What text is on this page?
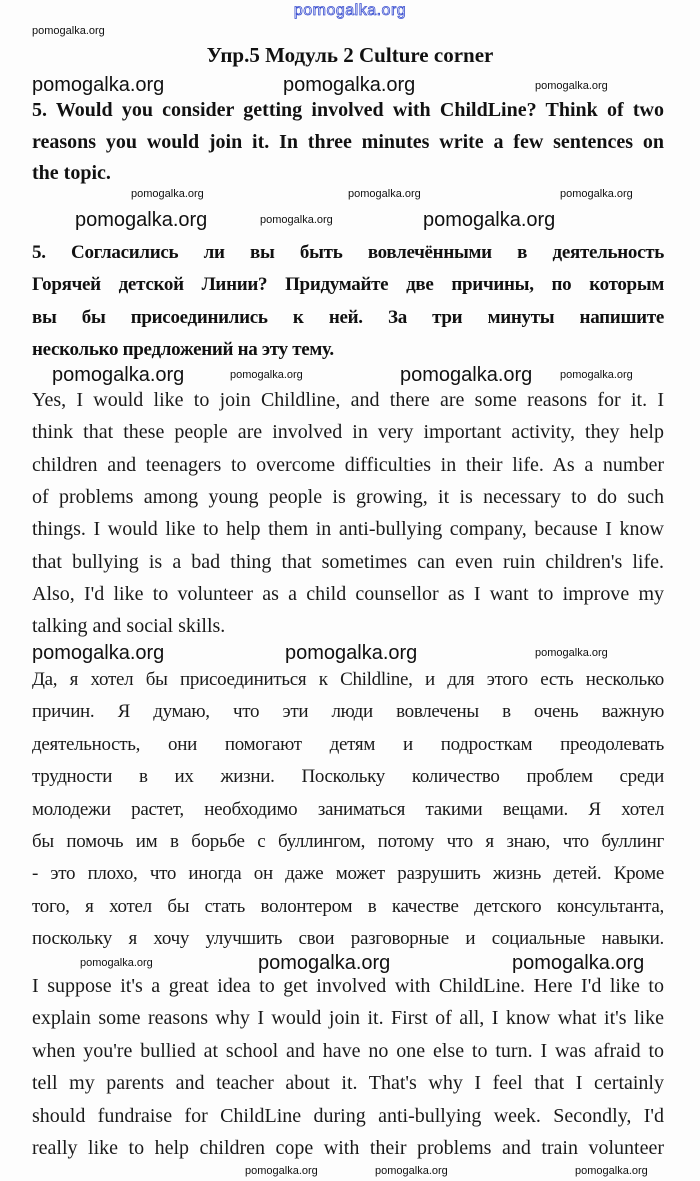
pomogalka.org
Упр.5 Модуль 2 Culture corner
5. Would you consider getting involved with ChildLine? Think of two
reasons you would join it. In three minutes write a few sentences on
the topic.
5. Согласились ли вы быть вовлечёнными в деятельность
Горячей детской Линии? Придумайте две причины, по которым
вы бы присоединились к ней. За три минуты напишите
несколько предложений на эту тему.
Yes, I would like to join Childline, and there are some reasons for it. I
think that these people are involved in very important activity, they help
children and teenagers to overcome difficulties in their life. As a number
of problems among young people is growing, it is necessary to do such
things. I would like to help them in anti-bullying company, because I know
that bullying is a bad thing that sometimes can even ruin children's life.
Also, I'd like to volunteer as a child counsellor as I want to improve my
talking and social skills.
Да, я хотел бы присоединиться к Childline, и для этого есть несколько
причин. Я думаю, что эти люди вовлечены в очень важную
деятельность, они помогают детям и подросткам преодолевать
трудности в их жизни. Поскольку количество проблем среди
молодежи растет, необходимо заниматься такими вещами. Я хотел
бы помочь им в борьбе с буллингом, потому что я знаю, что буллинг
- это плохо, что иногда он даже может разрушить жизнь детей. Кроме
того, я хотел бы стать волонтером в качестве детского консультанта,
поскольку я хочу улучшить свои разговорные и социальные навыки.
I suppose it's a great idea to get involved with ChildLine. Here I'd like to
explain some reasons why I would join it. First of all, I know what it's like
when you're bullied at school and have no one else to turn. I was afraid to
tell my parents and teacher about it. That's why I feel that I certainly
should fundraise for ChildLine during anti-bullying week. Secondly, I'd
really like to help children cope with their problems and train volunteer
pomogalka.org
pomogalka.org	pomogalka.org	pomogalka.org
pomogalka.org	pomogalka.org	pomogalka.org
pomogalka.org	pomogalka.org
pomogalka.org
pomogalka.org	pomogalka.org
pomogalka.org	pomogalka.org
pomogalka.org	pomogalka.org	pomogalka.org
pomogalka.org	pomogalka.org
pomogalka.org
pomogalka.org	pomogalka.org	pomogalka.org
